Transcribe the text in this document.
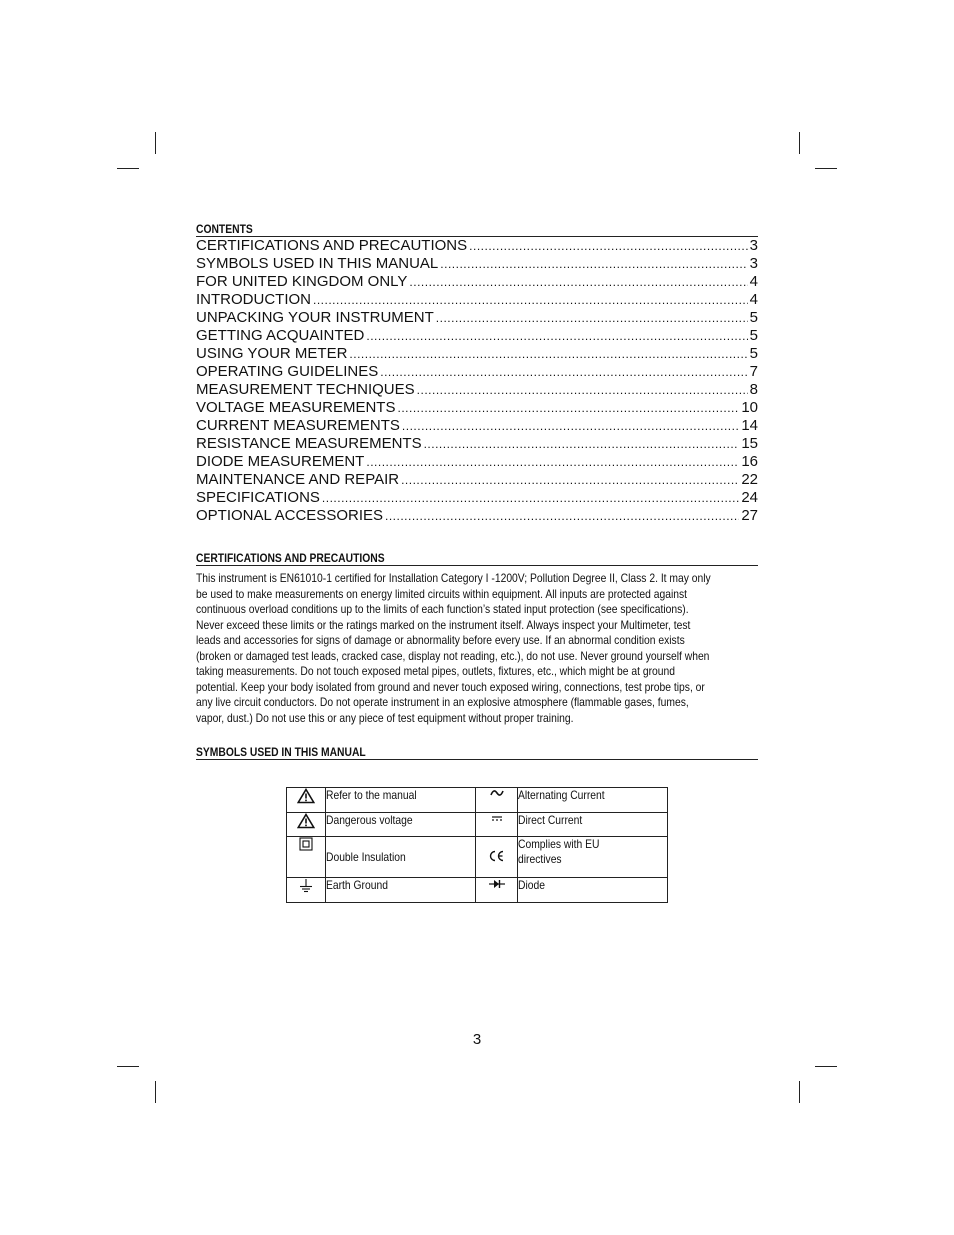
CONTENTS
CERTIFICATIONS AND PRECAUTIONS .....	3
SYMBOLS USED IN THIS MANUAL .....	3
FOR UNITED KINGDOM ONLY .....	4
INTRODUCTION .....	4
UNPACKING YOUR INSTRUMENT .....	5
GETTING ACQUAINTED .....	5
USING YOUR METER .....	5
OPERATING GUIDELINES .....	7
MEASUREMENT TECHNIQUES .....	8
VOLTAGE MEASUREMENTS .....	10
CURRENT MEASUREMENTS .....	14
RESISTANCE MEASUREMENTS .....	15
DIODE MEASUREMENT .....	16
MAINTENANCE AND REPAIR .....	22
SPECIFICATIONS .....	24
OPTIONAL ACCESSORIES .....	27
CERTIFICATIONS AND PRECAUTIONS
This instrument is EN61010-1 certified for Installation Category I -1200V; Pollution Degree II, Class 2. It may only
be used to make measurements on energy limited circuits within equipment. All inputs are protected against
continuous overload conditions up to the limits of each function’s stated input protection (see specifications).
Never exceed these limits or the ratings marked on the instrument itself. Always inspect your Multimeter, test
leads and accessories for signs of damage or abnormality before every use. If an abnormal condition exists
(broken or damaged test leads, cracked case, display not reading, etc.), do not use. Never ground yourself when
taking measurements. Do not touch exposed metal pipes, outlets, fixtures, etc., which might be at ground
potential. Keep your body isolated from ground and never touch exposed wiring, connections, test probe tips, or
any live circuit conductors. Do not operate instrument in an explosive atmosphere (flammable gases, fumes,
vapor, dust.) Do not use this or any piece of test equipment without proper training.
SYMBOLS USED IN THIS MANUAL
	Refer to the manual		Alternating Current
	Dangerous voltage		Direct Current
	Double Insulation		Complies with EU
directives
	Earth Ground		Diode
3
